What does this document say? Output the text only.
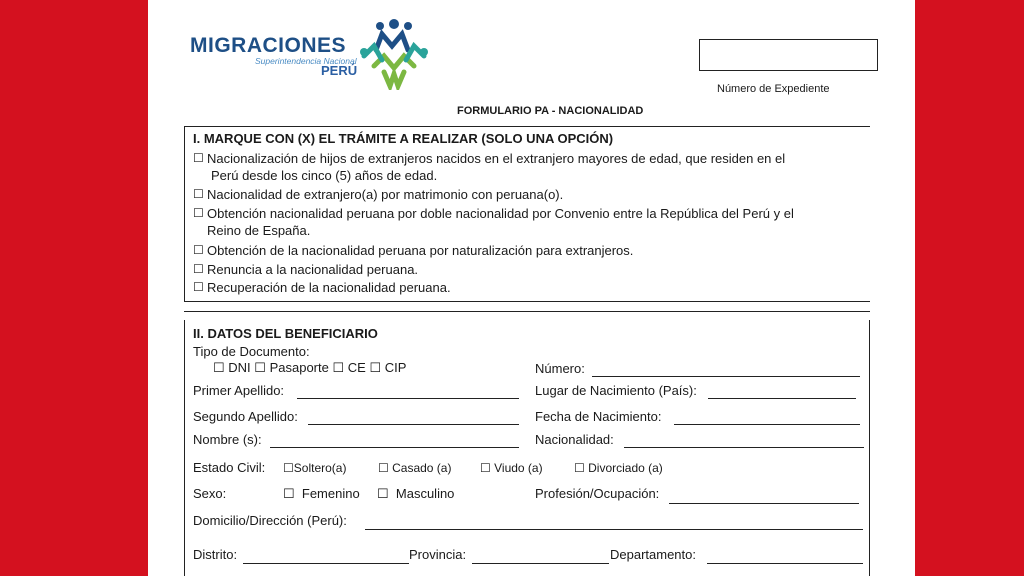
MIGRACIONES
Superintendencia Nacional
PERÚ
Número de Expediente
FORMULARIO PA - NACIONALIDAD
I. MARQUE CON (X) EL TRÁMITE A REALIZAR (SOLO UNA OPCIÓN)
☐ Nacionalización de hijos de extranjeros nacidos en el extranjero mayores de edad, que residen en el
Perú desde los cinco (5) años de edad.
☐ Nacionalidad de extranjero(a) por matrimonio con peruana(o).
☐ Obtención nacionalidad peruana por doble nacionalidad por Convenio entre la República del Perú y el
Reino de España.
☐ Obtención de la nacionalidad peruana por naturalización para extranjeros.
☐ Renuncia a la nacionalidad peruana.
☐ Recuperación de la nacionalidad peruana.
II. DATOS DEL BENEFICIARIO
Tipo de Documento:
☐ DNI ☐ Pasaporte ☐ CE ☐ CIP	Número:
Primer Apellido:	Lugar de Nacimiento (País):
Segundo Apellido:	Fecha de Nacimiento:
Nombre (s):	Nacionalidad:
Estado Civil: ☐Soltero(a)	☐ Casado (a) ☐ Viudo (a)	☐ Divorciado (a)
Sexo:	☐ Femenino ☐ Masculino	Profesión/Ocupación:
Domicilio/Dirección (Perú):
Distrito:	Provincia:	Departamento:
